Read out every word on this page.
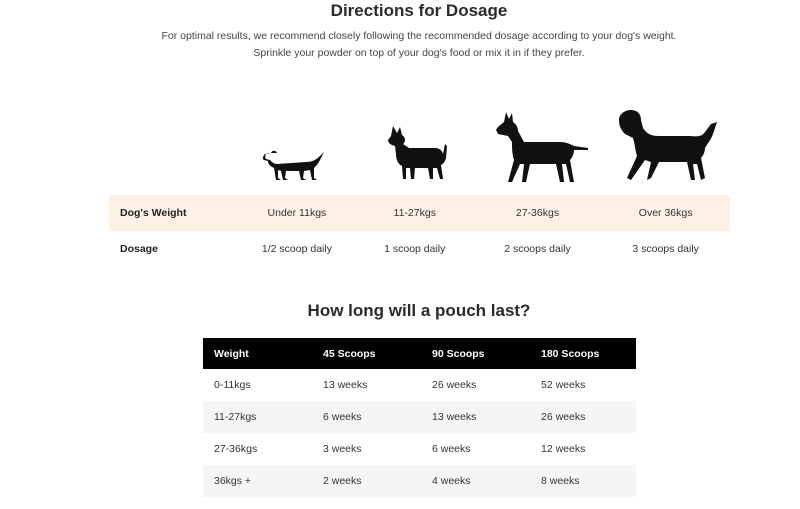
Directions for Dosage
For optimal results, we recommend closely following the recommended dosage according to your dog's weight. Sprinkle your powder on top of your dog's food or mix it in if they prefer.
Dog's Weight	Under 11kgs	11-27kgs	27-36kgs	Over 36kgs
Dosage	1/2 scoop daily	1 scoop daily	2 scoops daily	3 scoops daily
How long will a pouch last?
Weight	45 Scoops	90 Scoops	180 Scoops
0-11kgs	13 weeks	26 weeks	52 weeks
11-27kgs	6 weeks	13 weeks	26 weeks
27-36kgs	3 weeks	6 weeks	12 weeks
36kgs +	2 weeks	4 weeks	8 weeks
